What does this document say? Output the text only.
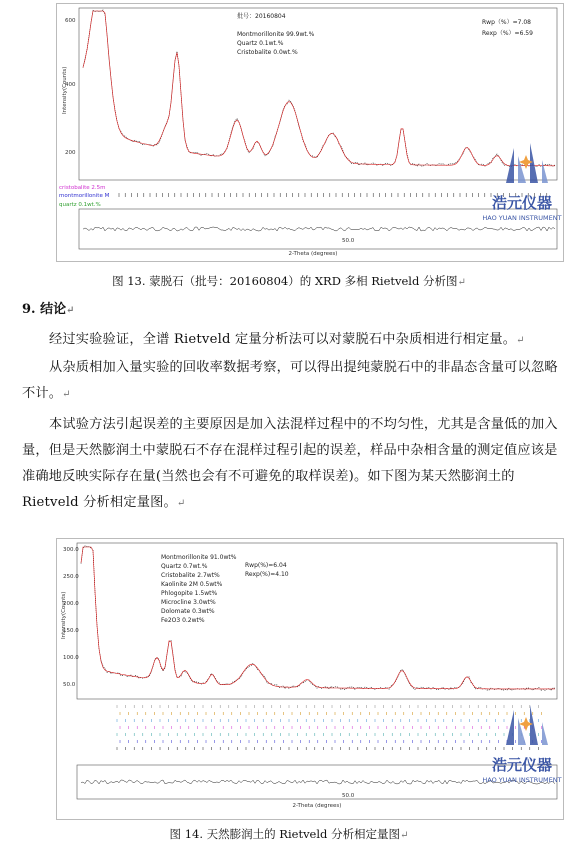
Intensity(Counts)
600
400
200
批号：20160804
Montmorillonite 99.9wt.%
Quartz 0.1wt.%
Cristobalite 0.0wt.%
Rwp（%）=7.08
Rexp（%）=6.59
cristobalite 2.5m
montmorillonite M
quartz 0.1wt.%
2-Theta (degrees)
50.0
浩元仪器
HAO YUAN INSTRUMENT
图 13. 蒙脱石（批号：20160804）的 XRD 多相 Rietveld 分析图↵
9. 结论↵
经过实验验证，全谱 Rietveld 定量分析法可以对蒙脱石中杂质相进行相定量。↵
从杂质相加入量实验的回收率数据考察，可以得出提纯蒙脱石中的非晶态含量可以忽略不计。↵
本试验方法引起误差的主要原因是加入法混样过程中的不均匀性，尤其是含量低的加入量，但是天然膨润土中蒙脱石不存在混样过程引起的误差，样品中杂相含量的测定值应该是准确地反映实际存在量(当然也会有不可避免的取样误差)。如下图为某天然膨润土的 Rietveld 分析相定量图。↵
Intensity(Counts)
300.0
250.0
200.0
150.0
100.0
50.0
Montmorillonite 91.0wt%
Quartz 0.7wt.%
Cristobalite 2.7wt%
Kaolinite 2M 0.5wt%
Phlogopite 1.5wt%
Microcline 3.0wt%
Dolomate 0.3wt%
Fe2O3 0.2wt%
Rwp(%)=6.04
Rexp(%)=4.10
2-Theta (degrees)
50.0
浩元仪器
HAO YUAN INSTRUMENT
图 14. 天然膨润土的 Rietveld 分析相定量图↵
